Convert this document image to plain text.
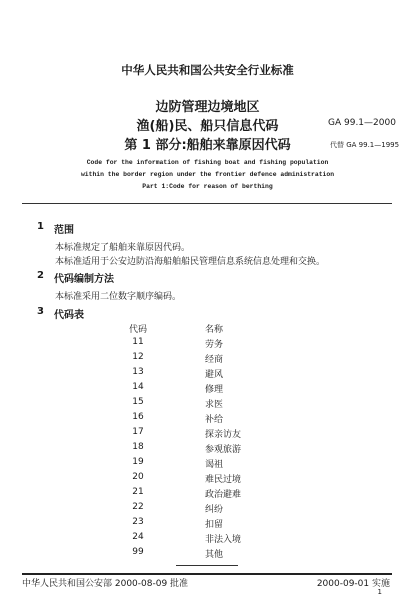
中华人民共和国公共安全行业标准
边防管理边境地区
渔(船)民、船只信息代码
第 1 部分:船舶来靠原因代码
GA 99.1—2000
代替 GA 99.1—1995
Code for the information of fishing boat and fishing population
within the border region under the frontier defence administration
Part 1:Code for reason of berthing
1 范围
本标准规定了船舶来靠原因代码。
本标准适用于公安边防沿海船舶船民管理信息系统信息处理和交换。
2 代码编制方法
本标准采用二位数字顺序编码。
3 代码表
代码	名称
11	劳务
12	经商
13	避风
14	修理
15	求医
16	补给
17	探亲访友
18	参观旅游
19	谒祖
20	难民过境
21	政治避难
22	纠纷
23	扣留
24	非法入境
99	其他
中华人民共和国公安部 2000-08-09 批准	2000-09-01 实施
1
